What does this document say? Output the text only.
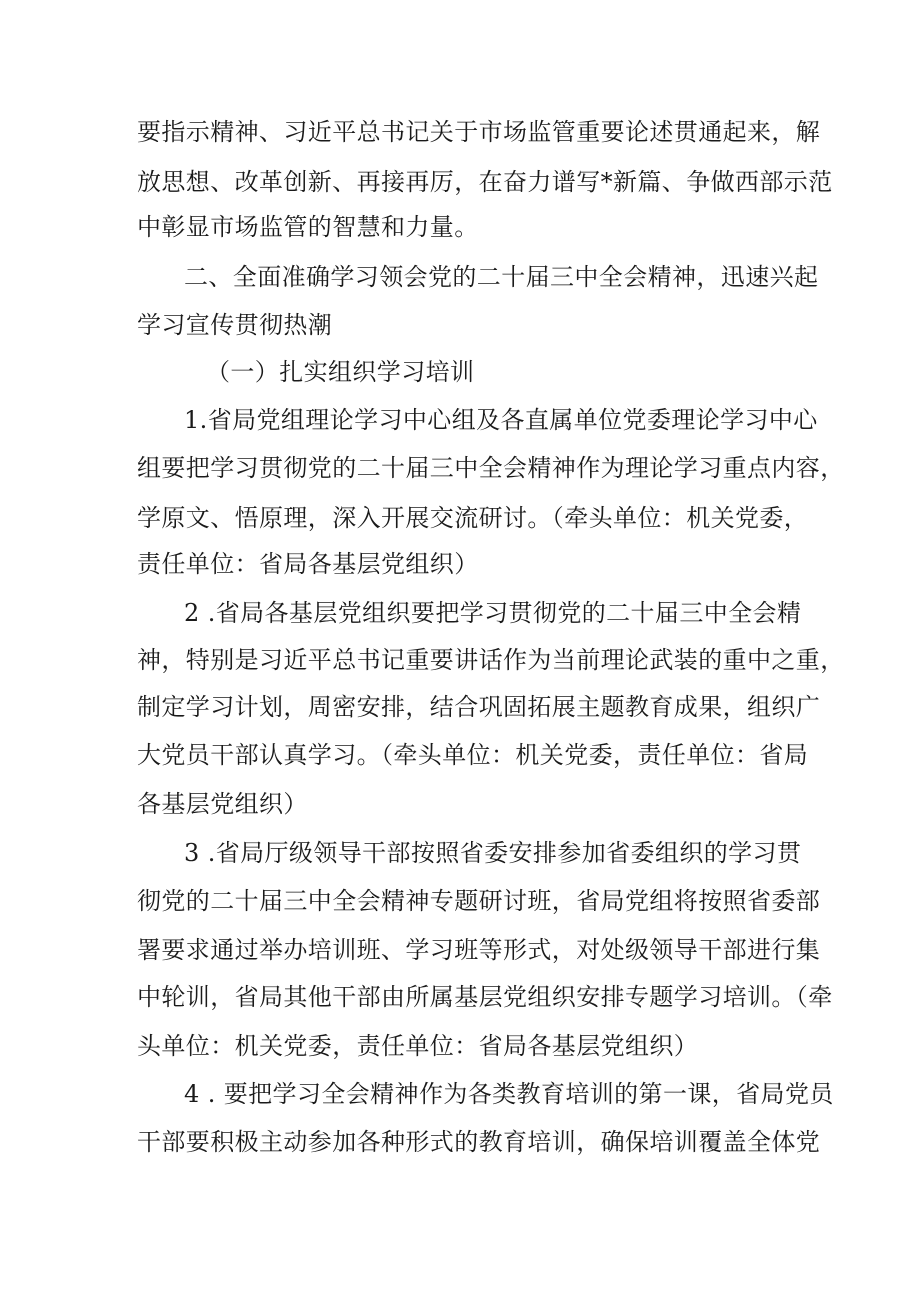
要指示精神、习近平总书记关于市场监管重要论述贯通起来，解
放思想、改革创新、再接再厉，在奋力谱写*新篇、争做西部示范
中彰显市场监管的智慧和力量。
二、全面准确学习领会党的二十届三中全会精神，迅速兴起
学习宣传贯彻热潮
（一）扎实组织学习培训
1.省局党组理论学习中心组及各直属单位党委理论学习中心
组要把学习贯彻党的二十届三中全会精神作为理论学习重点内容，
学原文、悟原理，深入开展交流研讨。（牵头单位：机关党委，
责任单位：省局各基层党组织）
2 .省局各基层党组织要把学习贯彻党的二十届三中全会精
神，特别是习近平总书记重要讲话作为当前理论武装的重中之重，
制定学习计划，周密安排，结合巩固拓展主题教育成果，组织广
大党员干部认真学习。（牵头单位：机关党委，责任单位：省局
各基层党组织）
3 .省局厅级领导干部按照省委安排参加省委组织的学习贯
彻党的二十届三中全会精神专题研讨班，省局党组将按照省委部
署要求通过举办培训班、学习班等形式，对处级领导干部进行集
中轮训，省局其他干部由所属基层党组织安排专题学习培训。（牵
头单位：机关党委，责任单位：省局各基层党组织）
4 . 要把学习全会精神作为各类教育培训的第一课，省局党员
干部要积极主动参加各种形式的教育培训，确保培训覆盖全体党
